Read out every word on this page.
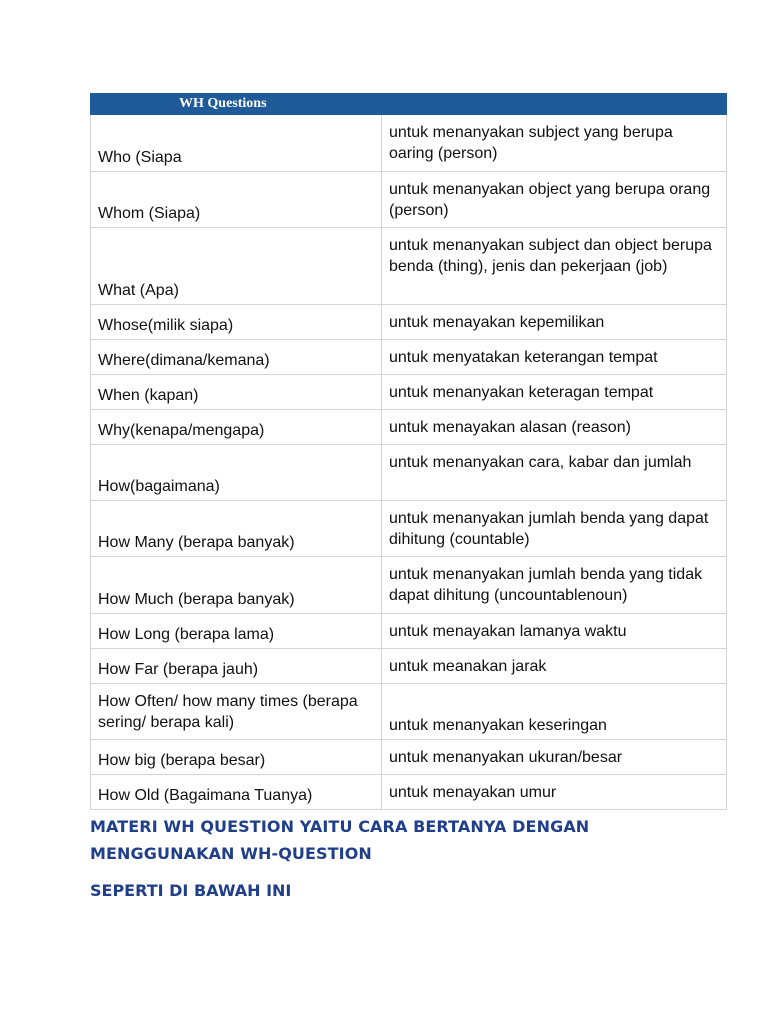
WH Questions	
Who (Siapa	untuk menanyakan subject yang berupa oaring (person)
Whom (Siapa)	untuk menanyakan object yang berupa orang (person)
What (Apa)	untuk menanyakan subject dan object berupa benda (thing), jenis dan pekerjaan (job)
Whose(milik siapa)	untuk menayakan kepemilikan
Where(dimana/kemana)	untuk menyatakan keterangan tempat
When (kapan)	untuk menanyakan keteragan tempat
Why(kenapa/mengapa)	untuk menayakan alasan (reason)
How(bagaimana)	untuk menanyakan cara, kabar dan jumlah
How Many (berapa banyak)	untuk menanyakan jumlah benda yang dapat dihitung (countable)
How Much (berapa banyak)	untuk menanyakan jumlah benda yang tidak dapat dihitung (uncountablenoun)
How Long (berapa lama)	untuk menayakan lamanya waktu
How Far (berapa jauh)	untuk meanakan jarak
How Often/ how many times (berapa sering/ berapa kali)	untuk menanyakan keseringan
How big (berapa besar)	untuk menanyakan ukuran/besar
How Old (Bagaimana Tuanya)	untuk menayakan umur
MATERI WH QUESTION YAITU CARA BERTANYA DENGAN
MENGGUNAKAN WH-QUESTION
SEPERTI DI BAWAH INI
